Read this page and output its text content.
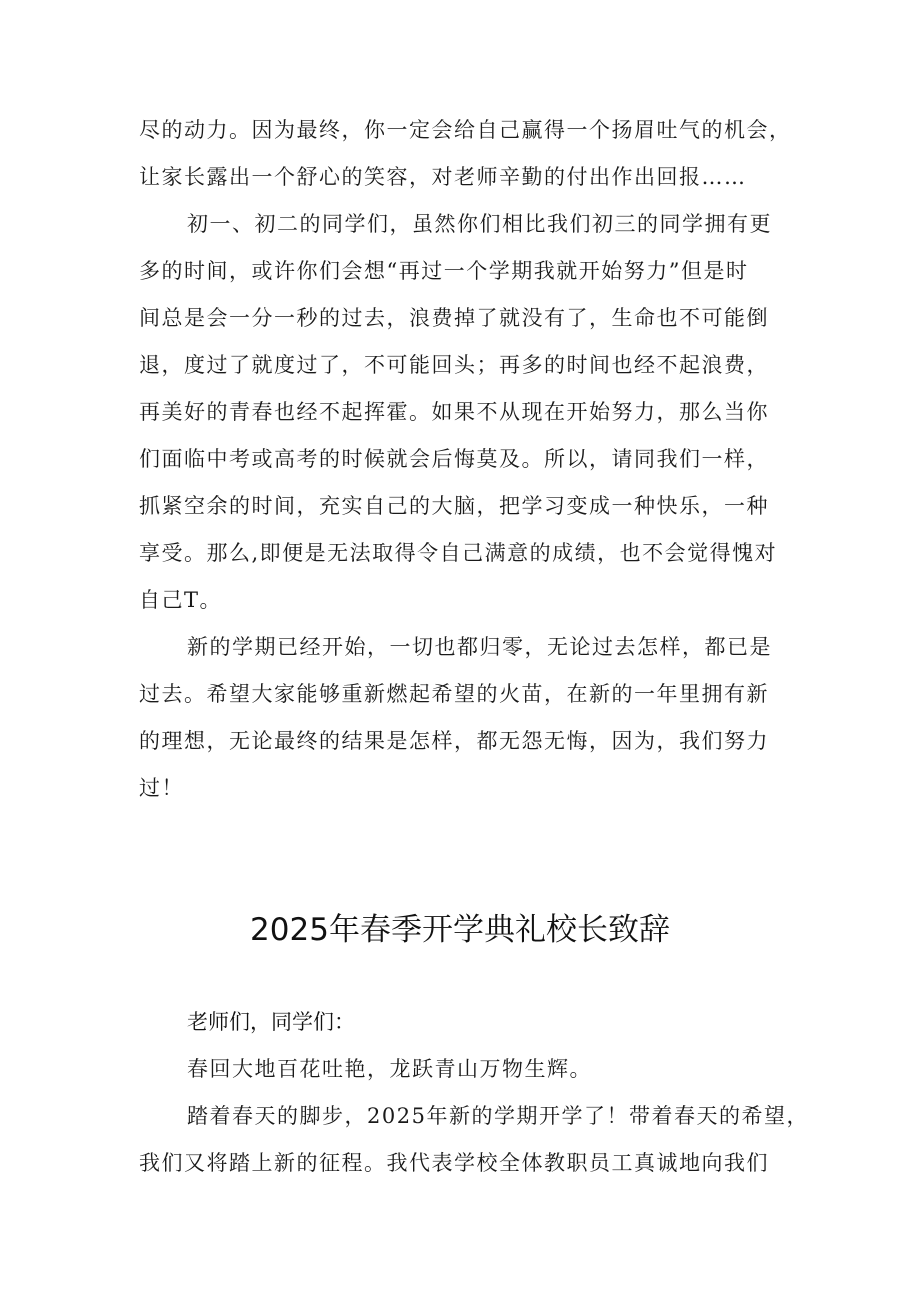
尽的动力。因为最终，你一定会给自己赢得一个扬眉吐气的机会，
让家长露出一个舒心的笑容，对老师辛勤的付出作出回报……
初一、初二的同学们，虽然你们相比我们初三的同学拥有更
多的时间，或许你们会想“再过一个学期我就开始努力”但是时
间总是会一分一秒的过去，浪费掉了就没有了，生命也不可能倒
退，度过了就度过了，不可能回头；再多的时间也经不起浪费，
再美好的青春也经不起挥霍。如果不从现在开始努力，那么当你
们面临中考或高考的时候就会后悔莫及。所以，请同我们一样，
抓紧空余的时间，充实自己的大脑，把学习变成一种快乐，一种
享受。那么,即便是无法取得令自己满意的成绩，也不会觉得愧对
自己T。
新的学期已经开始，一切也都归零，无论过去怎样，都已是
过去。希望大家能够重新燃起希望的火苗，在新的一年里拥有新
的理想，无论最终的结果是怎样，都无怨无悔，因为，我们努力
过！
2025年春季开学典礼校长致辞
老师们，同学们：
春回大地百花吐艳，龙跃青山万物生辉。
踏着春天的脚步，2025年新的学期开学了！带着春天的希望，
我们又将踏上新的征程。我代表学校全体教职员工真诚地向我们
